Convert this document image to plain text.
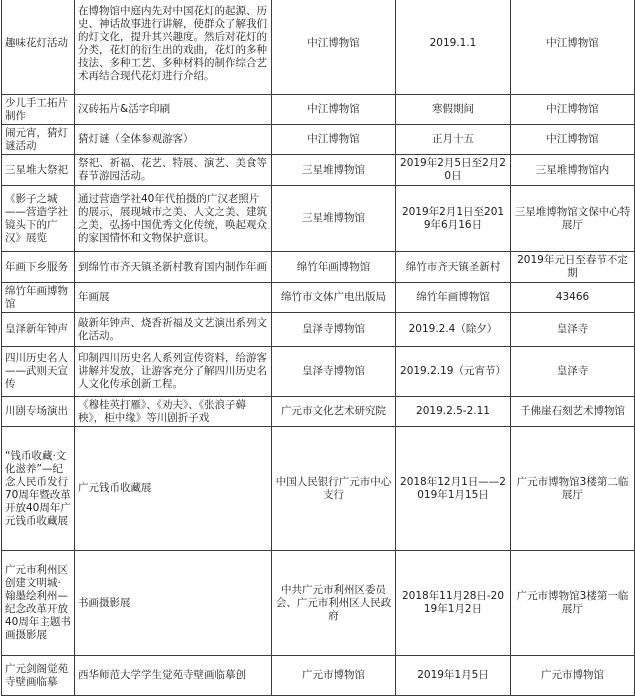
趣味花灯活动	在博物馆中庭内先对中国花灯的起源、历史、神话故事进行讲解，使群众了解我们的灯文化，提升其兴趣度。然后对花灯的分类，花灯的衍生出的戏曲，花灯的多种技法、多种工艺、多种材料的制作综合艺术再结合现代花灯进行介绍。	中江博物馆	2019.1.1	中江博物馆
少儿手工拓片制作	汉砖拓片&活字印刷	中江博物馆	寒假期间	中江博物馆
闹元宵，猜灯谜活动	猜灯谜（全体参观游客）	中江博物馆	正月十五	中江博物馆
三星堆大祭祀	祭祀、祈福、花艺、特展、演艺、美食等春节游园活动。	三星堆博物馆	2019年2月5日至2月20日	三星堆博物馆内
《影子之城——营造学社镜头下的广汉》展览	通过营造学社40年代拍摄的广汉老照片的展示，展现城市之美、人文之美、建筑之美，弘扬中国优秀文化传统，唤起观众的家国情怀和文物保护意识。	三星堆博物馆	2019年2月1日至2019年6月16日	三星堆博物馆文保中心特展厅
年画下乡服务	到绵竹市齐天镇圣新村教育国内制作年画	绵竹年画博物馆	绵竹市齐天镇圣新村	2019年元日至春节不定期
绵竹年画博物馆	年画展	绵竹市文体广电出版局	绵竹年画博物馆	43466
皇泽新年钟声	敲新年钟声、烧香祈福及文艺演出系列文化活动。	皇泽寺博物馆	2019.2.4（除夕）	皇泽寺
四川历史名人——武则天宣传	印制四川历史名人系列宣传资料，给游客讲解并发放，让游客充分了解四川历史名人文化传承创新工程。	皇泽寺博物馆	2019.2.19（元宵节）	皇泽寺
川剧专场演出	《穆桂英打雁》、《劝夫》、《张浪子薅秧》，柜中缘》等川剧折子戏	广元市文化艺术研究院	2019.2.5-2.11	千佛崖石刻艺术博物馆
“钱币收藏·文化滋养”—纪念人民币发行70周年暨改革开放40周年广元钱币收藏展	广元钱币收藏展	中国人民银行广元市中心支行	2018年12月1日——2019年1月15日	广元市博物馆3楼第二临展厅
广元市利州区创建文明城·翰墨绘利州—纪念改革开放40周年主题书画摄影展	书画摄影展	中共广元市利州区委员会、广元市利州区人民政府	2018年11月28日-2019年1月2日	广元市博物馆3楼第一临展厅
广元剑阁觉苑寺壁画临摹	西华师范大学学生觉苑寺壁画临摹创	广元市博物馆	2019年1月5日	广元市博物馆
